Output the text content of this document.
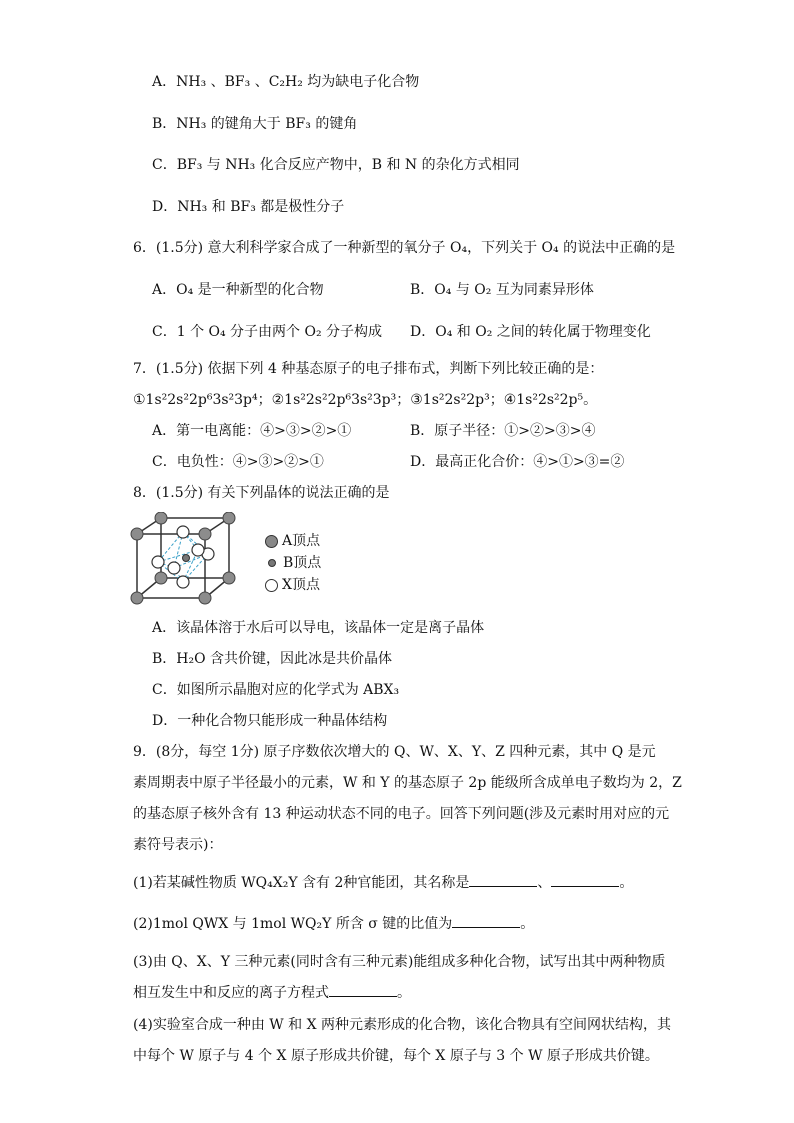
A．NH₃ 、BF₃ 、C₂H₂ 均为缺电子化合物
B．NH₃ 的键角大于 BF₃ 的键角
C．BF₃ 与 NH₃ 化合反应产物中，B 和 N 的杂化方式相同
D．NH₃ 和 BF₃ 都是极性分子
6．(1.5分) 意大利科学家合成了一种新型的氧分子 O₄，下列关于 O₄ 的说法中正确的是
A．O₄ 是一种新型的化合物	B．O₄ 与 O₂ 互为同素异形体
C．1 个 O₄ 分子由两个 O₂ 分子构成 D．O₄ 和 O₂ 之间的转化属于物理变化
7．(1.5分) 依据下列 4 种基态原子的电子排布式，判断下列比较正确的是：
①1s²2s²2p⁶3s²3p⁴；②1s²2s²2p⁶3s²3p³；③1s²2s²2p³；④1s²2s²2p⁵。
A．第一电离能：④>③>②>①	B．原子半径：①>②>③>④
C．电负性：④>③>②>①	D．最高正化合价：④>①>③=②
8．(1.5分) 有关下列晶体的说法正确的是
A顶点
B顶点
X顶点
A．该晶体溶于水后可以导电，该晶体一定是离子晶体
B．H₂O 含共价键，因此冰是共价晶体
C．如图所示晶胞对应的化学式为 ABX₃
D．一种化合物只能形成一种晶体结构
9．(8分，每空 1分) 原子序数依次增大的 Q、W、X、Y、Z 四种元素，其中 Q 是元
素周期表中原子半径最小的元素，W 和 Y 的基态原子 2p 能级所含成单电子数均为 2，Z
的基态原子核外含有 13 种运动状态不同的电子。回答下列问题(涉及元素时用对应的元
素符号表示)：
(1)若某碱性物质 WQ₄X₂Y 含有 2种官能团，其名称是	、	。
(2)1mol QWX 与 1mol WQ₂Y 所含 σ 键的比值为	。
(3)由 Q、X、Y 三种元素(同时含有三种元素)能组成多种化合物，试写出其中两种物质
相互发生中和反应的离子方程式	。
(4)实验室合成一种由 W 和 X 两种元素形成的化合物，该化合物具有空间网状结构，其
中每个 W 原子与 4 个 X 原子形成共价键，每个 X 原子与 3 个 W 原子形成共价键。
